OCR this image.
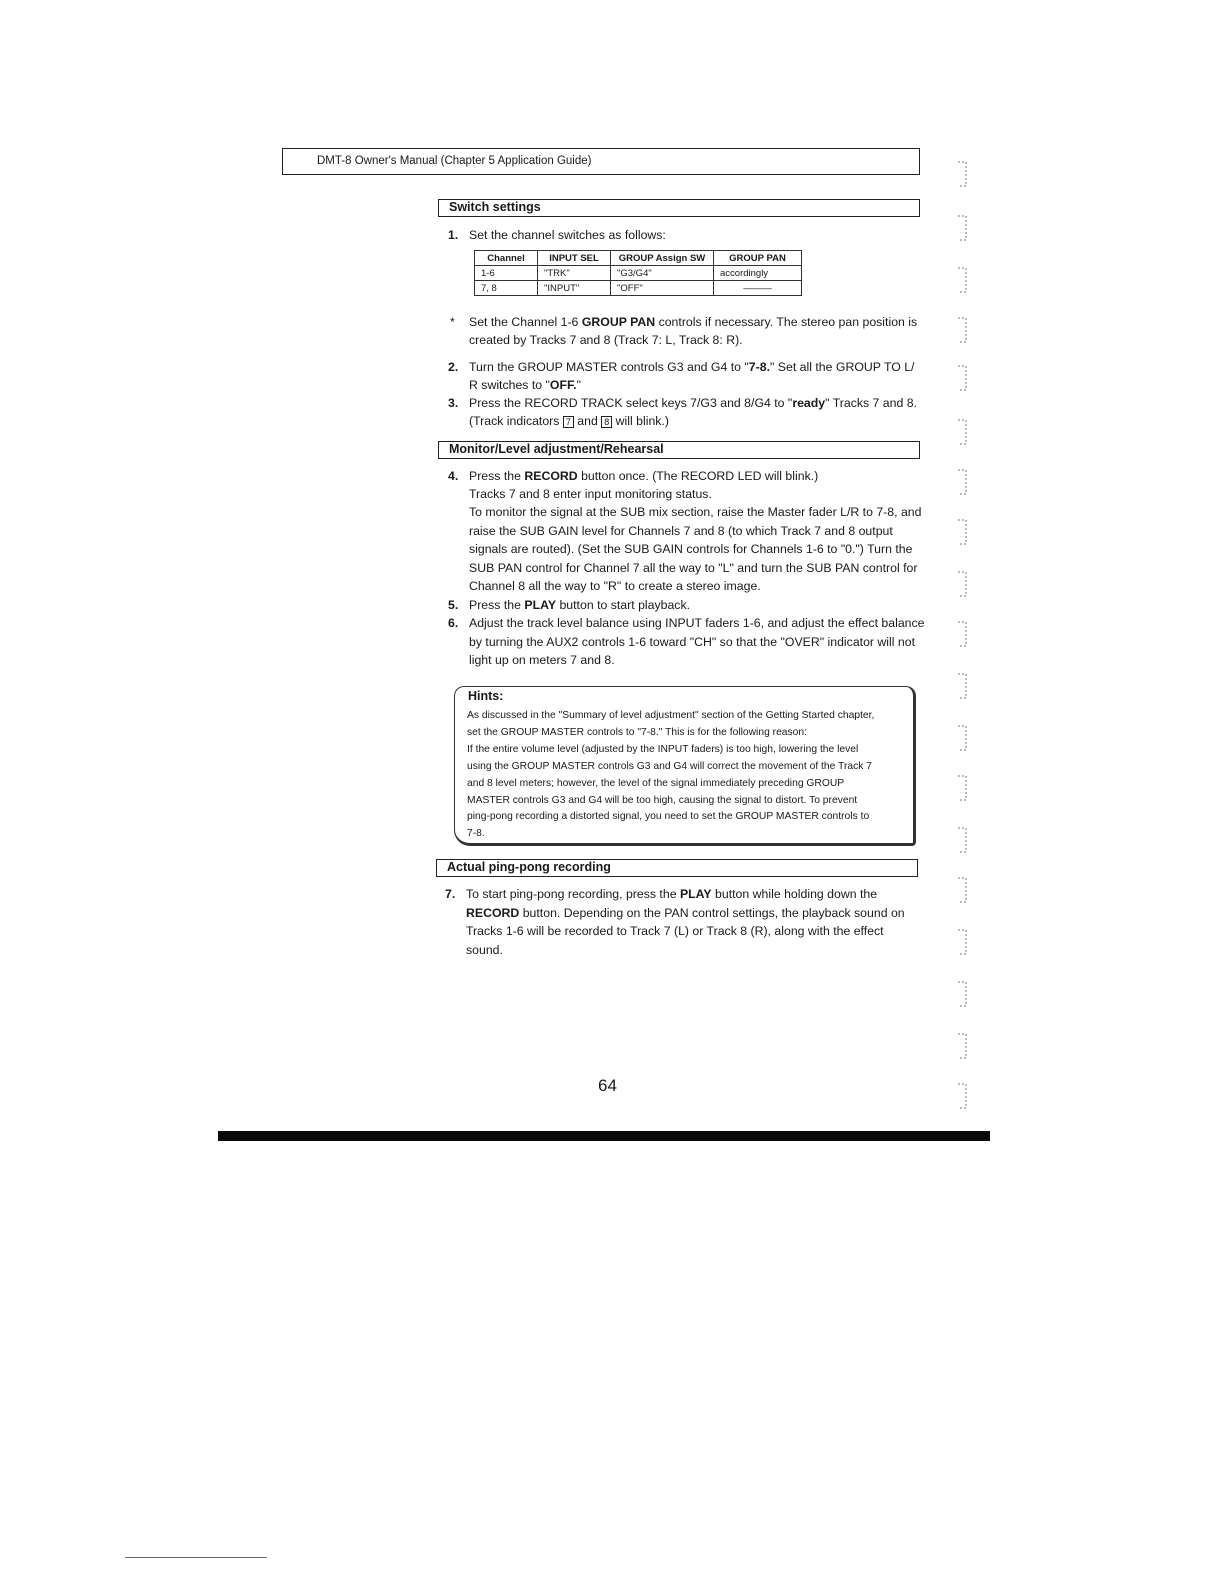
DMT-8 Owner's Manual (Chapter 5 Application Guide)
Switch settings
1. Set the channel switches as follows:
Channel	INPUT SEL	GROUP Assign SW	GROUP PAN
1-6	"TRK"	"G3/G4"	accordingly
7, 8	"INPUT"	"OFF"	———
* Set the Channel 1-6 GROUP PAN controls if necessary. The stereo pan position is
created by Tracks 7 and 8 (Track 7: L, Track 8: R).
2. Turn the GROUP MASTER controls G3 and G4 to "7-8." Set all the GROUP TO L/
R switches to "OFF."
3. Press the RECORD TRACK select keys 7/G3 and 8/G4 to "ready" Tracks 7 and 8.
(Track indicators 7 and 8 will blink.)
Monitor/Level adjustment/Rehearsal
4. Press the RECORD button once. (The RECORD LED will blink.)
Tracks 7 and 8 enter input monitoring status.
To monitor the signal at the SUB mix section, raise the Master fader L/R to 7-8, and
raise the SUB GAIN level for Channels 7 and 8 (to which Track 7 and 8 output
signals are routed). (Set the SUB GAIN controls for Channels 1-6 to "0.") Turn the
SUB PAN control for Channel 7 all the way to "L" and turn the SUB PAN control for
Channel 8 all the way to "R" to create a stereo image.
5. Press the PLAY button to start playback.
6. Adjust the track level balance using INPUT faders 1-6, and adjust the effect balance
by turning the AUX2 controls 1-6 toward "CH" so that the "OVER" indicator will not
light up on meters 7 and 8.
Hints:
As discussed in the "Summary of level adjustment" section of the Getting Started chapter,
set the GROUP MASTER controls to "7-8." This is for the following reason:
If the entire volume level (adjusted by the INPUT faders) is too high, lowering the level
using the GROUP MASTER controls G3 and G4 will correct the movement of the Track 7
and 8 level meters; however, the level of the signal immediately preceding GROUP
MASTER controls G3 and G4 will be too high, causing the signal to distort. To prevent
ping-pong recording a distorted signal, you need to set the GROUP MASTER controls to
7-8.
Actual ping-pong recording
7. To start ping-pong recording, press the PLAY button while holding down the
RECORD button. Depending on the PAN control settings, the playback sound on
Tracks 1-6 will be recorded to Track 7 (L) or Track 8 (R), along with the effect
sound.
64
